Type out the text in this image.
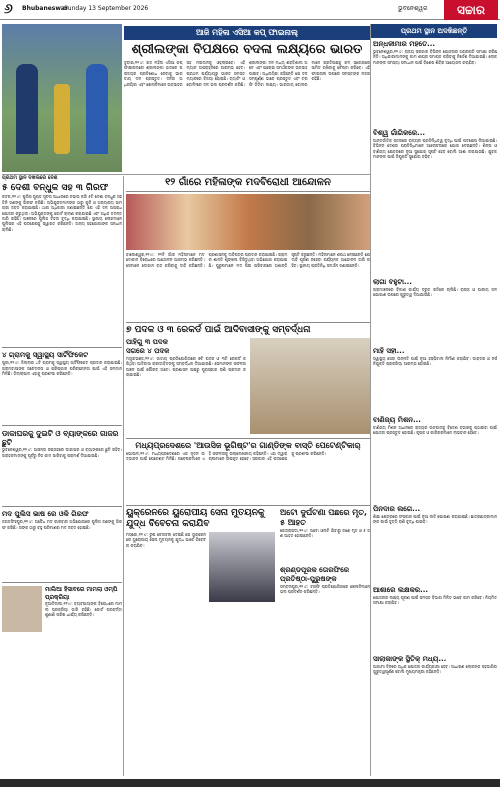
୬ Bhubaneswar
Sunday 13 September 2026	ଭୁବନେଶ୍ୱର	ସଚ୍ଚାର
ଆଜି ମହିଳା ଏସିଆ କପ୍ ଫାଇନାଲ୍
ଶ୍ରୀଲଙ୍କା ବିପକ୍ଷରେ ବଦଳା ଲକ୍ଷ୍ୟରେ ଭାରତ
ଦୁବାଇ,୧୨।୯: ଗତ ମହିଳା ଏସିଆ କପ୍ ଫାଇନାଲରେ ଶ୍ରୀଲଙ୍କା ହାତରେ ପରାଜୟର ପ୍ରତିଶୋଧ ନେବାକୁ ଭାରତୀୟ ଦଳ ପ୍ରସ୍ତୁତ। ଦଳର ଅଧିନାୟିକା ଏବଂ ଖେଳାଳିମାନେ ଉତ୍ସାହର ସହ ମଇଦାନକୁ ଓହ୍ଲାଇବେ। ଏହି ମ୍ୟାଚ ଅପରାହ୍ନରେ ଆରମ୍ଭ ହେବ। ପ୍ରଥମ ପର୍ଯ୍ୟାୟରୁ ଭାରତ ସମସ୍ତ ମ୍ୟାଚରେ ବିଜୟୀ ହୋଇଛି। ବ୍ୟାଟିଂ ଓ ବୋଲିଂରେ ଦଳ ଭଲ ପ୍ରଦର୍ଶନ କରିଛି। ଶ୍ରୀଲଙ୍କା ଦଳ ମଧ୍ୟ ଶକ୍ତିଶାଳୀ ଅଟେ ଏବଂ ଘରୋଇ ସମର୍ଥକଙ୍କ ଉତ୍ସାହ ପାଇବ। ଅଧିନାୟିକା କହିଛନ୍ତି ଯେ ଦଳ ସମ୍ପୂର୍ଣ୍ଣ ଭାବେ ପ୍ରସ୍ତୁତ ଏବଂ ଟ୍ରଫି ଜିତିବା ଲକ୍ଷ୍ୟ। ଭାରତୀୟ ବୋଲରମାନେ ପ୍ରତିପକ୍ଷକୁ କମ୍ ସ୍କୋରରେ ସୀମିତ ରଖିବାକୁ ଚେଷ୍ଟା କରିବେ। ଏହି ଫାଇନାଲ ଉପରେ ସମସ୍ତଙ୍କ ନଜର ରହିଛି।
ପ୍ରଥମ ସ୍ଥାନ ଦଖଲରେ ଦେଶ
୫ ଦେଶୀ ବନ୍ଧୁକ ସହ ୩ ଗିରଫ
କଟକ,୧୨।୯: ପୁଲିସ ଗୁପ୍ତ ସୂଚନା ଆଧାରରେ ଚଢାଉ କରି ୫ଟି ଦେଶୀ ବନ୍ଧୁକ ସହ ତିନି ଜଣଙ୍କୁ ଗିରଫ କରିଛି। ଅଭିଯୁକ୍ତମାନଙ୍କ ଠାରୁ ଗୁଳି ଓ ଅନ୍ୟାନ୍ୟ ସାମଗ୍ରୀ ଜବତ କରାଯାଇଛି। ଥାନା ଅଧିକାରୀ ଜଣାଇଛନ୍ତି ଯେ ଏହି ଦଳ ଅପରାଧ ଯୋଜନା କରୁଥିଲା। ଅଭିଯୁକ୍ତଙ୍କୁ କୋର୍ଟ ଚାଲାଣ କରାଯାଇଛି ଏବଂ ଅଧିକ ତଦନ୍ତ ଜାରି ରହିଛି। ଅଞ୍ଚଳରେ ପୁଲିସ ଟହଲ ବୃଦ୍ଧି କରାଯାଇଛି। ସ୍ଥାନୀୟ ଲୋକମାନେ ପୁଲିସର ଏହି ପଦକ୍ଷେପକୁ ସ୍ୱାଗତ କରିଛନ୍ତି। ଅନ୍ୟ ସହଯୋଗୀଙ୍କ ସନ୍ଧାନ ଚାଲିଛି।
୪ ଗ୍ରାମକୁ ସ୍ୱାସ୍ଥ୍ୟ ସାର୍ଟିଫିକେଟ
ପୁରୀ,୧୨।୯: ଜିଲ୍ଲାର ୪ଟି ଗ୍ରାମକୁ ସ୍ୱାସ୍ଥ୍ୟ ସାର୍ଟିଫିକେଟ ପ୍ରଦାନ କରାଯାଇଛି। ଗ୍ରାମବାସୀଙ୍କ ସଚେତନତା ଓ ପରିଷ୍କାର ପରିଚ୍ଛନ୍ନତା ପାଇଁ ଏହି ସମ୍ମାନ ମିଳିଛି। ଜିଲ୍ଲାପାଳ ଏହାକୁ ପ୍ରଶଂସା କରିଛନ୍ତି।
ଡାକାଘରକୁ ଦୁଇଟି ଓ ବ୍ୟାଙ୍କରେ ଗାଜର ଛୁଟି
ଭୁବନେଶ୍ୱର,୧୨।୯: ଆସନ୍ତା ସପ୍ତାହରେ ଡାକାଘର ଓ ବ୍ୟାଙ୍କରେ ଛୁଟି ରହିବ। ଗ୍ରାହକମାନଙ୍କୁ ପୂର୍ବରୁ ନିଜ କାମ ସାରିବାକୁ ପରାମର୍ଶ ଦିଆଯାଇଛି।
ମଦ ପୁଲିସ ଭାଷ ରେ ଓକି ଗିରଫ
ଜଗତସିଂହପୁର,୧୨।୯: ଅବୈଧ ମଦ କାରବାର ଅଭିଯୋଗରେ ପୁଲିସ ଜଣଙ୍କୁ ଗିରଫ କରିଛି। ତାଙ୍କ ଠାରୁ ବହୁ ପରିମାଣର ମଦ ଜବତ ହୋଇଛି।
ମାଲିଆ ହିସାବରେ ମାମଲା ଓମ୍ପି ପ୍ରକ୍ରିୟା
ନୂଆଦିଲ୍ଲୀ,୧୨।୯: ବ୍ୟବସାୟୀଙ୍କ ବିରୋଧରେ ମାମଲା ପ୍ରକ୍ରିୟା ଜାରି ରହିଛି। କୋର୍ଟ ପରବର୍ତ୍ତୀ ଶୁଣାଣି ତାରିଖ ଧାର୍ଯ୍ୟ କରିଛନ୍ତି।
୧୨ ଗାଁରେ ମହିଳାଙ୍କ ମଦବିରୋଧୀ ଆନ୍ଦୋଳନ
ବାଲେଶ୍ୱର,୧୨।୯: ୧୨ଟି ଗାଁର ମହିଳାମାନେ ମଦ ଦୋକାନ ବିରୋଧରେ ଆନ୍ଦୋଳନ ଆରମ୍ଭ କରିଛନ୍ତି। ସେମାନେ ଦୋକାନ ବନ୍ଦ କରିବାକୁ ଦାବି କରିଛନ୍ତି। ପ୍ରଶାସନକୁ ଦାବିପତ୍ର ପ୍ରଦାନ କରାଯାଇଛି। ଗ୍ରାମର ଶାନ୍ତି ଶୃଙ୍ଖଳା ବିଗିଡୁଥିବା ଅଭିଯୋଗ କରାଯାଇଛି। ପୁରୁଷମାନେ ମଦ ପିଇ ପରିବାରରେ ଅଶାନ୍ତି ସୃଷ୍ଟି କରୁଛନ୍ତି। ମହିଳାମାନେ ଶପଥ ନେଇଛନ୍ତି ଯେ ଦାବି ପୂରଣ ନହେବା ପର୍ଯ୍ୟନ୍ତ ଆନ୍ଦୋଳନ ଜାରି ରହିବ। ସ୍ଥାନୀୟ ପ୍ରତିନିଧି ସମର୍ଥନ ଜଣାଇଛନ୍ତି।
୭ ପଦକ ଓ ୩ ରେକର୍ଡ ପାଇଁ ଆଦିବାସୀଙ୍କୁ ସମ୍ବର୍ଦ୍ଧନା
ପାହିଗୁ ୩ ପଦକ
ସଗରେ ୪ ପଦକ
ମୟୂରଭଞ୍ଜ,୧୨।୯: ଜାତୀୟ ପ୍ରତିଯୋଗିତାରେ ୭ଟି ପଦକ ଓ ୩ଟି ରେକର୍ଡ କରିଥିବା ଆଦିବାସୀ କ୍ରୀଡାବିତଙ୍କୁ ସମ୍ବର୍ଦ୍ଧନା ଦିଆଯାଇଛି। ସେମାନଙ୍କ ସଫଳତା ଅଞ୍ଚଳ ପାଇଁ ଗୌରବ ଅଟେ। ପ୍ରଶାସନ ପକ୍ଷରୁ ପୁରସ୍କାର ରାଶି ପ୍ରଦାନ କରାଯାଇଛି।
ମଧ୍ୟପ୍ରଦେଶରେ 'ଆଉସିଜ ଭୂଗିଷ୍ଟ'ର ଗାଣ୍ଡିଙ୍କ ବାସ୍ତି ପେଟେଣ୍ଟିକାର୍
ଭୋପାଳ,୧୨।୯: ମଧ୍ୟପ୍ରଦେଶରେ ଏକ ନୂତନ ଉଦ୍ଭାବନ ପାଇଁ ପେଟେଣ୍ଟ ମିଳିଛି। ଗବେଷକମାନେ ଏହି ସଫଳତାକୁ ଉଲ୍ଲେଖନୀୟ କହିଛନ୍ତି। ଏହା ଦ୍ୱାରା ଚାଷୀମାନେ ଉପକୃତ ହେବେ। ସରକାର ଏହି ପଦକ୍ଷେପକୁ ପ୍ରଶଂସା କରିଛନ୍ତି।
ୟୁକ୍ରେନରେ ୟୁରୋପୀୟ ସେନା ମୁତୟନକୁ ଯୁଦ୍ଧ ବିବେଚନା କରାଯିବ
ମସ୍କୋ,୧୨।୯: ରୁଷ ଚେତାବନୀ ଦେଇଛି ଯେ ୟୁକ୍ରେନରେ ୟୁରୋପୀୟ ସେନା ମୁତୟନକୁ ଯୁଦ୍ଧ ଭାବେ ବିବେଚନା କରାଯିବ।
ଅଟୋ ଦୁର୍ଘଟଣା ପଛରେ ମୃତ, ୫ ଆହତ
କେନ୍ଦ୍ରାପଡା,୧୨।୯: ଅଟୋ ଓଲଟି ଯିବାରୁ ଜଣେ ମୃତ ଓ ୫ ଜଣ ଆହତ ହୋଇଛନ୍ତି।
ଶ୍ରଣ୍ଡପୂରକ ତୋରଫିରେ ପ୍ରତିଷ୍ଠା-ପୁରୁଷଙ୍କ
ସମ୍ବଲପୁର,୧୨।୯: ଟ୍ରଫି ପ୍ରତିଯୋଗିତାରେ ଖେଳାଳିମାନେ ଭଲ ପ୍ରଦର୍ଶନ କରିଛନ୍ତି।
ପ୍ରଥମ ସ୍ଥାନ ଅଦଖିଛନ୍ତି
ଅନ୍ଧଳୀମାର ମହତେ...
ଭୁବନେଶ୍ୱର,୧୨।୯: ରାଜ୍ୟ ସରକାର ବିଭିନ୍ନ ଯୋଜନାର ଅଗ୍ରଗତି ସମୀକ୍ଷା କରିଛନ୍ତି। ଅଧିକାରୀମାନଙ୍କୁ କାମ ଶୀଘ୍ର ସମାପ୍ତ କରିବାକୁ ନିର୍ଦ୍ଦେଶ ଦିଆଯାଇଛି। ଲୋକମାନଙ୍କ ସମସ୍ୟା ସମାଧାନ ପାଇଁ ବିଶେଷ ଶିବିର ଆୟୋଜନ କରାଯିବ।
ବିଶ୍ୱ ଗାଁଗିକରେ...
ଆନ୍ତର୍ଜାତିକ ସ୍ତରରେ ରାଜ୍ୟର ପ୍ରତିନିଧିତ୍ୱ ବୃଦ୍ଧି ପାଇଁ ପଦକ୍ଷେପ ନିଆଯାଇଛି। ବିଭିନ୍ନ ଦେଶର ପ୍ରତିନିଧିମାନେ ଆଲୋଚନାରେ ଯୋଗ ଦେଇଛନ୍ତି। ଶିଳ୍ପ ଓ ବାଣିଜ୍ୟ କ୍ଷେତ୍ରରେ ନୂଆ ସୁଯୋଗ ସୃଷ୍ଟି ହେବ ବୋଲି ଆଶା କରାଯାଉଛି। ଯୁବକମାନଙ୍କ ପାଇଁ ନିଯୁକ୍ତି ସୁଯୋଗ ବଢିବ।
ଲାଗା ବହୁଟା...
ଗ୍ରାମାଞ୍ଚଳରେ ବିକାଶ କାର୍ଯ୍ୟ ଦ୍ରୁତ ଗତିରେ ଚାଲିଛି। ରାସ୍ତା ଓ ପାନୀୟ ଜଳ ଯୋଗାଣ ଉପରେ ଗୁରୁତ୍ୱ ଦିଆଯାଉଛି।
ମାହି ସହୀ...
ସ୍ୱାସ୍ଥ୍ୟ ସେବା ଉନ୍ନତି ପାଇଁ ନୂଆ ହସ୍ପିଟାଲ ନିର୍ମାଣ କରାଯିବ। ଡାକ୍ତର ଓ ନର୍ସ ନିଯୁକ୍ତି ପ୍ରକ୍ରିୟା ଆରମ୍ଭ ହୋଇଛି।
ବାଣିଜ୍ୟ ମିଶନ...
ବାଣିଜ୍ୟ ମିଶନ ଅଧୀନରେ ରାଜ୍ୟର ଉତ୍ପାଦକୁ ବିଦେଶ ବଜାରକୁ ପଠାଇବା ପାଇଁ ଯୋଜନା ପ୍ରସ୍ତୁତ ହୋଇଛି। କୃଷକ ଓ କାରିଗରମାନେ ଲାଭବାନ ହେବେ।
ପିନଦାର ଲଗେ...
ଶିକ୍ଷା କ୍ଷେତ୍ରରେ ସଂସ୍କାର ପାଇଁ ନୂଆ ନୀତି ଘୋଷଣା କରାଯାଇଛି। ଛାତ୍ରଛାତ୍ରୀମାନଙ୍କ ପାଇଁ ବୃତ୍ତି ରାଶି ବୃଦ୍ଧି ପାଇବ।
ଆଶାରେ ଲକ୍ଷକର...
ଯୋଜନାର ଲକ୍ଷ୍ୟ ପୂରଣ ପାଇଁ ସମସ୍ତ ବିଭାଗ ମିଳିତ ଭାବେ କାମ କରିବେ। ନିୟମିତ ସମୀକ୍ଷା କରାଯିବ।
ସାଲାକାଙ୍କ ସ୍ଥିତିକ୍ ମଧ୍ୟ...
ଆଗାମୀ ଦିନରେ ଅଧିକ ଯୋଜନା କାର୍ଯ୍ୟକାରୀ ହେବ। ସାଧାରଣ ଲୋକଙ୍କ ସହଭାଗିତା ଗୁରୁତ୍ୱପୂର୍ଣ୍ଣ ବୋଲି ମୁଖ୍ୟମନ୍ତ୍ରୀ କହିଛନ୍ତି।
